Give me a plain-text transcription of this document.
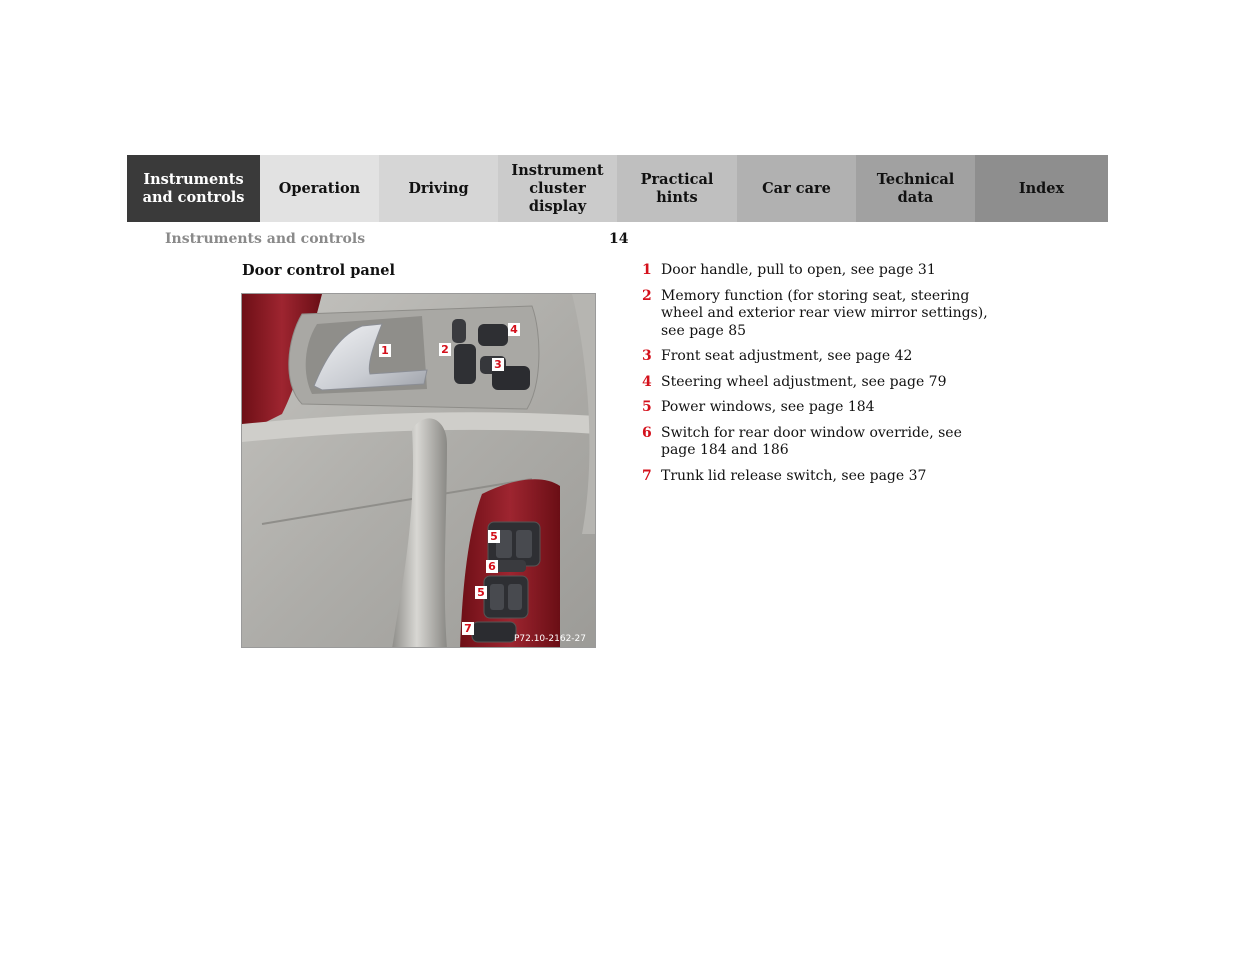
Instruments
and controls
Operation	Driving
Instrument
cluster display
Practical hints
Car care
Technical
data
Index
Instruments and controls	14
Door control panel
1	2
3
4
5
6
5
7
P72.10-2162-27
1 Door handle, pull to open, see page 31
2 Memory function (for storing seat, steering wheel and exterior rear view mirror settings), see page 85
3 Front seat adjustment, see page 42
4 Steering wheel adjustment, see page 79
5 Power windows, see page 184
6 Switch for rear door window override, see page 184 and 186
7 Trunk lid release switch, see page 37
